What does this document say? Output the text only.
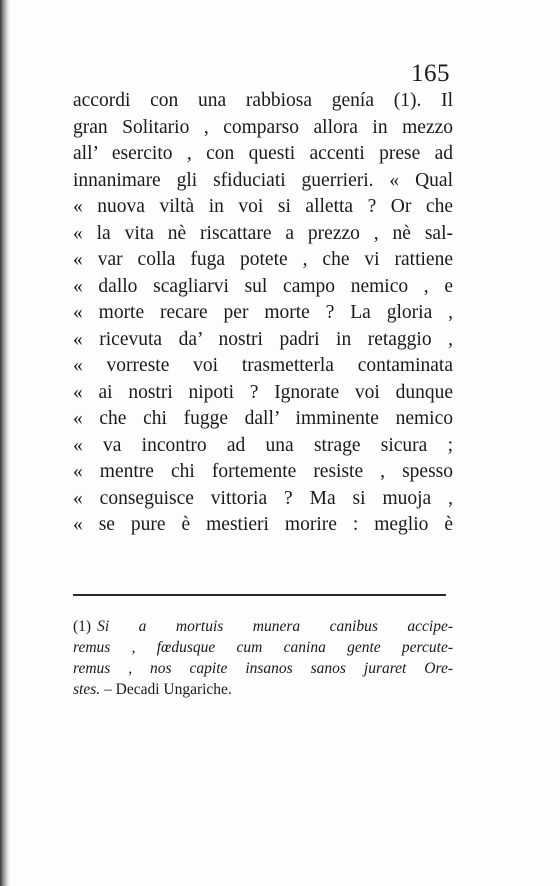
165
accordi con una rabbiosa genía (1). Il
gran Solitario , comparso allora in mezzo
all’ esercito , con questi accenti prese ad
innanimare gli sfiduciati guerrieri. « Qual
« nuova viltà in voi si alletta ? Or che
« la vita nè riscattare a prezzo , nè sal-
« var colla fuga potete , che vi rattiene
« dallo scagliarvi sul campo nemico , e
« morte recare per morte ? La gloria ,
« ricevuta da’ nostri padri in retaggio ,
« vorreste voi trasmetterla contaminata
« ai nostri nipoti ? Ignorate voi dunque
« che chi fugge dall’ imminente nemico
« va incontro ad una strage sicura ;
« mentre chi fortemente resiste , spesso
« conseguisce vittoria ? Ma si muoja ,
« se pure è mestieri morire : meglio è
(1) Si a mortuis munera canibus accipe-
remus , fœdusque cum canina gente percute-
remus , nos capite insanos sanos juraret Ore-
stes. – Decadi Ungariche.
